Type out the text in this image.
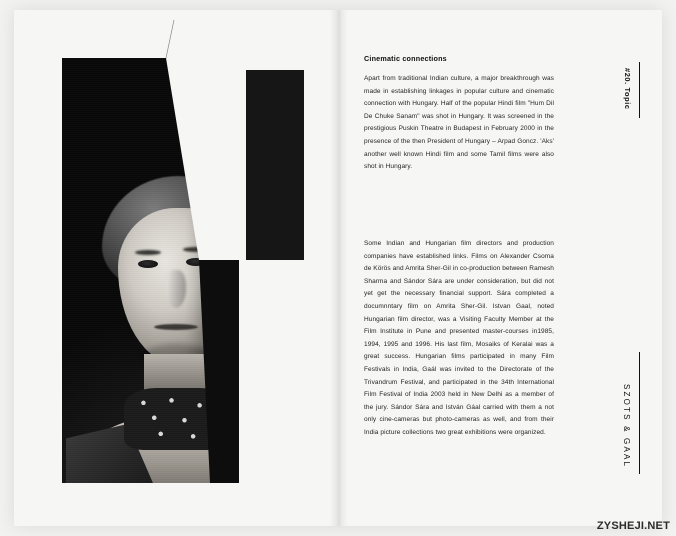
Cinematic connections

Apart from traditional Indian culture, a major breakthrough was made in establishing linkages in popular culture and cinematic connection with Hungary. Half of the popular Hindi film "Hum Dil De Chuke Sanam" was shot in Hungary. It was screened in the prestigious Puskin Theatre in Budapest in February 2000 in the presence of the then President of Hungary – Arpad Goncz. 'Aks' another well known Hindi film and some Tamil films were also shot in Hungary.

Some Indian and Hungarian film directors and production companies have established links. Films on Alexander Csoma de Körös and Amrita Sher-Gil in co-production between Ramesh Sharma and Sándor Sára are under consideration, but did not yet get the necessary financial support. Sára completed a documnntary film on Amrita Sher-Gil. Istvan Gaal, noted Hungarian film director, was a Visiting Faculty Member at the Film Institute in Pune and presented master-courses in1985, 1994, 1995 and 1996. His last film, Mosaiks of Keralai was a great success. Hungarian films participated in many Film Festivals in India, Gaál was invited to the Directorate of the Trivandrum Festival, and participated in the 34th International Film Festival of India 2003 held in New Delhi as a member of the jury. Sándor Sára and István Gáal carried with them a not only cine-cameras but photo-cameras as well, and from their India picture collections two great exhibitions were organized.

#20. Topic
SZOTS & GAAL
ZYSHEJI.NET
